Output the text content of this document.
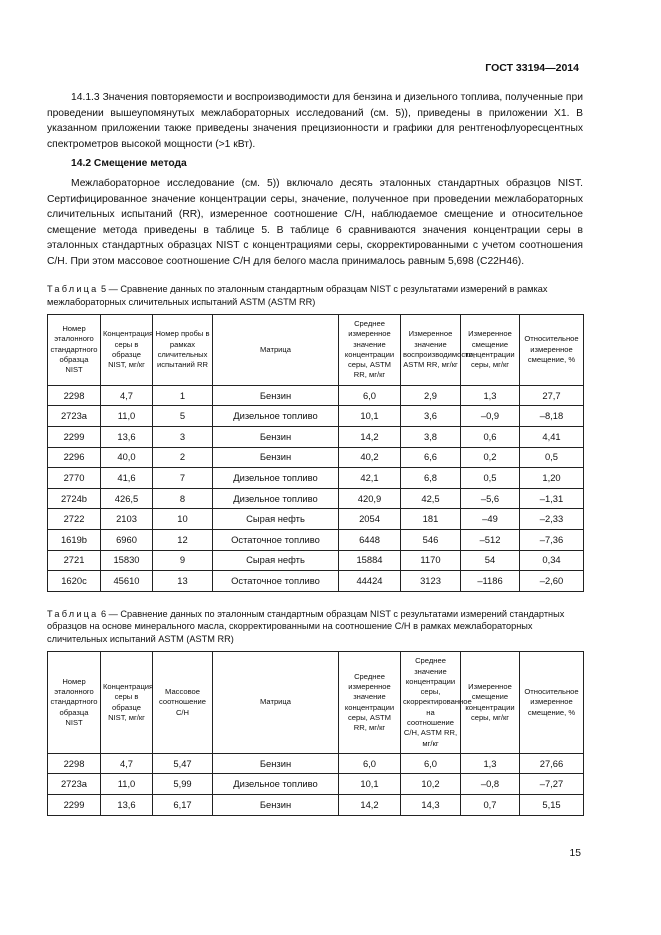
ГОСТ 33194—2014

14.1.3 Значения повторяемости и воспроизводимости для бензина и дизельного топлива, полученные при проведении вышеупомянутых межлабораторных исследований (см. 5)), приведены в приложении Х1. В указанном приложении также приведены значения прецизионности и графики для рентгенофлуоресцентных спектрометров высокой мощности (>1 кВт).

14.2 Смещение метода

Межлабораторное исследование (см. 5)) включало десять эталонных стандартных образцов NIST. Сертифицированное значение концентрации серы, значение, полученное при проведении межлабораторных сличительных испытаний (RR), измеренное соотношение C/H, наблюдаемое смещение и относительное смещение метода приведены в таблице 5. В таблице 6 сравниваются значения концентрации серы в эталонных стандартных образцах NIST с концентрациями серы, скорректированными с учетом соотношения C/H. При этом массовое соотношение C/H для белого масла принималось равным 5,698 (C22H46).

Таблица 5 — Сравнение данных по эталонным стандартным образцам NIST с результатами измерений в рамках межлабораторных сличительных испытаний ASTM (ASTM RR)

Номер эталонного стандартного образца NIST	Концентрация серы в образце NIST, мг/кг	Номер пробы в рамках сличительных испытаний RR	Матрица	Среднее измеренное значение концентрации серы, ASTM RR, мг/кг	Измеренное значение воспроизводимости, ASTM RR, мг/кг	Измеренное смещение концентрации серы, мг/кг	Относительное измеренное смещение, %
2298	4,7	1	Бензин	6,0	2,9	1,3	27,7
2723a	11,0	5	Дизельное топливо	10,1	3,6	–0,9	–8,18
2299	13,6	3	Бензин	14,2	3,8	0,6	4,41
2296	40,0	2	Бензин	40,2	6,6	0,2	0,5
2770	41,6	7	Дизельное топливо	42,1	6,8	0,5	1,20
2724b	426,5	8	Дизельное топливо	420,9	42,5	–5,6	–1,31
2722	2103	10	Сырая нефть	2054	181	–49	–2,33
1619b	6960	12	Остаточное топливо	6448	546	–512	–7,36
2721	15830	9	Сырая нефть	15884	1170	54	0,34
1620c	45610	13	Остаточное топливо	44424	3123	–1186	–2,60

Таблица 6 — Сравнение данных по эталонным стандартным образцам NIST с результатами измерений стандартных образцов на основе минерального масла, скорректированными на соотношение C/H в рамках межлабораторных сличительных испытаний ASTM (ASTM RR)

Номер эталонного стандартного образца NIST	Концентрация серы в образце NIST, мг/кг	Массовое соотношение C/H	Матрица	Среднее измеренное значение концентрации серы, ASTM RR, мг/кг	Среднее значение концентрации серы, скорректированное на соотношение C/H, ASTM RR, мг/кг	Измеренное смещение концентрации серы, мг/кг	Относительное измеренное смещение, %
2298	4,7	5,47	Бензин	6,0	6,0	1,3	27,66
2723a	11,0	5,99	Дизельное топливо	10,1	10,2	–0,8	–7,27
2299	13,6	6,17	Бензин	14,2	14,3	0,7	5,15
15
